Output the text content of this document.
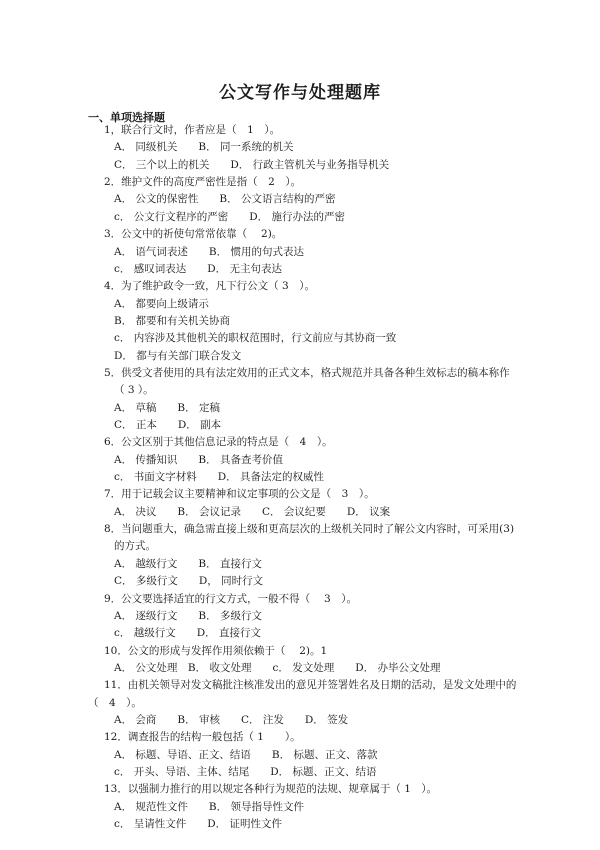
公文写作与处理题库
一、单项选择题
1，联合行文时，作者应是（　1　）。
A． 同级机关　　B． 同一系统的机关
C． 三个以上的机关　　D． 行政主管机关与业务指导机关
2．维护文件的高度严密性是指（　2　）。
A． 公文的保密性　　B． 公文语言结构的严密
c． 公文行文程序的严密　　D． 施行办法的严密
3．公文中的祈使句常常依靠（　 2)。
A． 语气词表述　　B． 惯用的句式表达
c． 感叹词表达　　D． 无主句表达
4．为了维护政令一致，凡下行公文（ 3　）。
A． 都要向上级请示
B． 都要和有关机关协商
c． 内容涉及其他机关的职权范围时，行文前应与其协商一致
D． 都与有关部门联合发文
5．供受文者使用的具有法定效用的正式文本，格式规范并具备各种生效标志的稿本称作
（ 3 ）。
A． 草稿　　B． 定稿
C． 正本　　D． 副本
6．公文区别于其他信息记录的特点是（　4　）。
A． 传播知识　　B． 具备查考价值
c． 书面文字材料　　D． 具备法定的权威性
7．用于记载会议主要精神和议定事项的公文是（　3　）。
A． 决议　　B． 会议记录　　C． 会议纪要　　D． 议案
8．当问题重大，确急需直接上级和更高层次的上级机关同时了解公文内容时，可采用(3)
的方式。
A． 越级行文　　B． 直接行文
C． 多级行文　　D， 同时行文
9．公文要选择适宜的行文方式，一般不得（　 3　）。
A． 逐级行文　　B． 多级行文
c． 越级行文　　D． 直接行文
10．公文的形成与发挥作用须依赖于（　 2)。1
A． 公文处理　B． 收文处理　　c． 发文处理　　D． 办毕公文处理
11．由机关领导对发文稿批注核准发出的意见并签署姓名及日期的活动，是发文处理中的
（　4　）。
A． 会商　　B． 审核　　C． 注发　　D． 签发
12．调查报告的结构一般包括（ 1　　）。
A． 标题、导语、正文、结语　　B． 标题、正文、落款
c． 开头、导语、主体、结尾　　D． 标题、正文、结语
13．以强制力推行的用以规定各种行为规范的法规、规章属于（ 1　）。
A． 规范性文件　　B． 领导指导性文件
c． 呈请性文件　　D． 证明性文件
